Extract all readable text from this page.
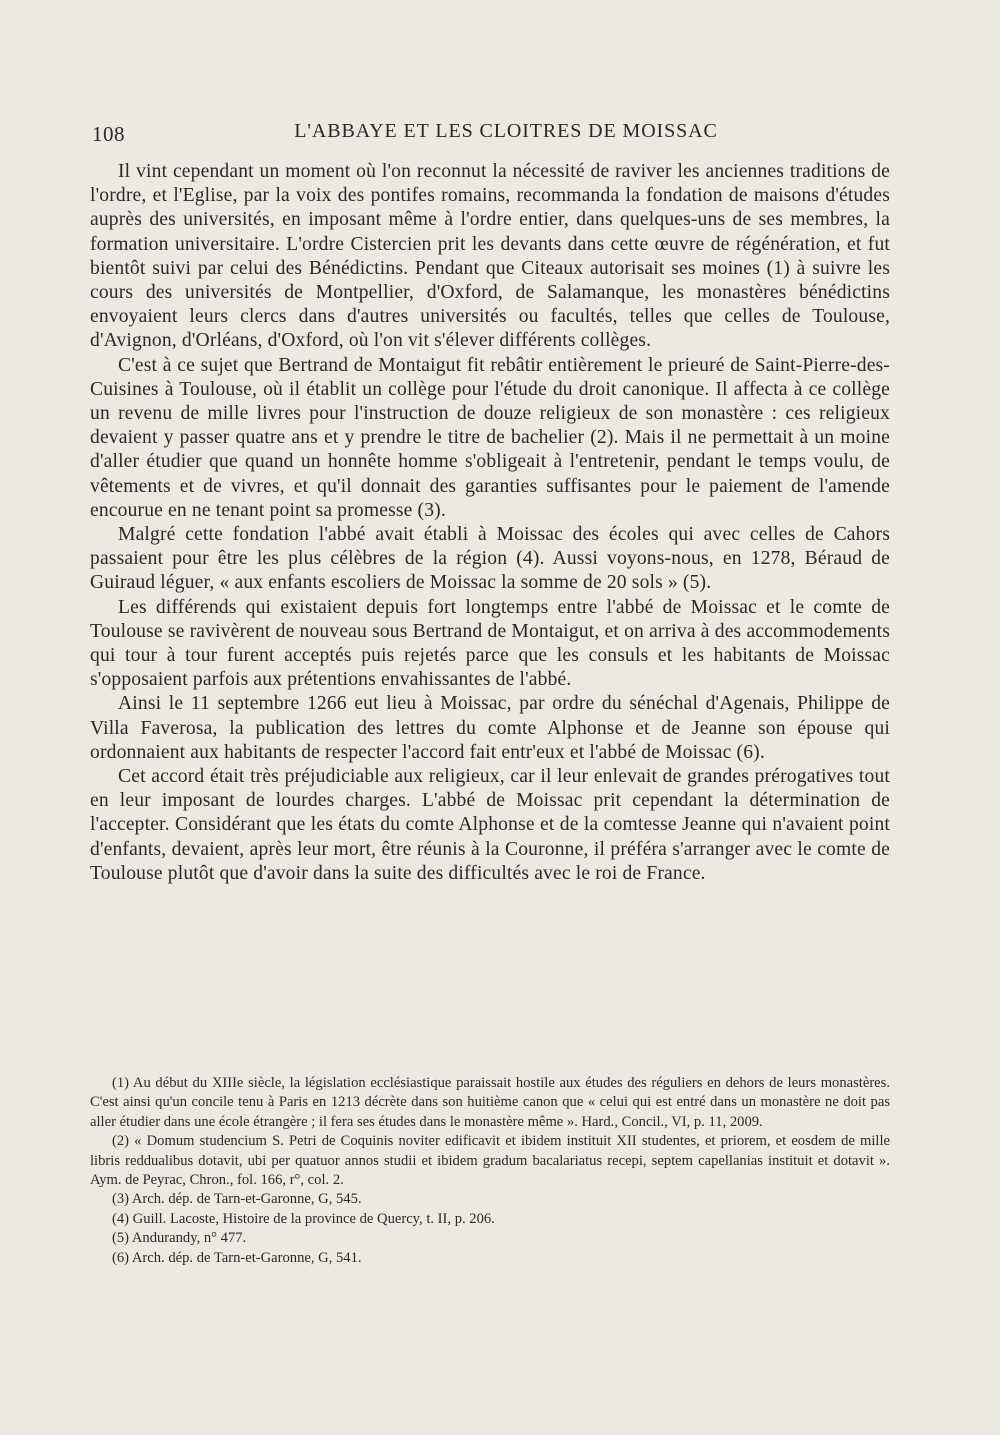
108	L'ABBAYE ET LES CLOITRES DE MOISSAC

Il vint cependant un moment où l'on reconnut la nécessité de raviver les anciennes traditions de l'ordre, et l'Eglise, par la voix des pontifes romains, recommanda la fondation de maisons d'études auprès des universités, en imposant même à l'ordre entier, dans quelques-uns de ses membres, la formation universitaire. L'ordre Cistercien prit les devants dans cette œuvre de régénération, et fut bientôt suivi par celui des Bénédictins. Pendant que Citeaux autorisait ses moines (1) à suivre les cours des universités de Montpellier, d'Oxford, de Salamanque, les monastères bénédictins envoyaient leurs clercs dans d'autres universités ou facultés, telles que celles de Toulouse, d'Avignon, d'Orléans, d'Oxford, où l'on vit s'élever différents collèges.

C'est à ce sujet que Bertrand de Montaigut fit rebâtir entièrement le prieuré de Saint-Pierre-des-Cuisines à Toulouse, où il établit un collège pour l'étude du droit canonique. Il affecta à ce collège un revenu de mille livres pour l'instruction de douze religieux de son monastère : ces religieux devaient y passer quatre ans et y prendre le titre de bachelier (2). Mais il ne permettait à un moine d'aller étudier que quand un honnête homme s'obligeait à l'entretenir, pendant le temps voulu, de vêtements et de vivres, et qu'il donnait des garanties suffisantes pour le paiement de l'amende encourue en ne tenant point sa promesse (3).

Malgré cette fondation l'abbé avait établi à Moissac des écoles qui avec celles de Cahors passaient pour être les plus célèbres de la région (4). Aussi voyons-nous, en 1278, Béraud de Guiraud léguer, « aux enfants escoliers de Moissac la somme de 20 sols » (5).

Les différends qui existaient depuis fort longtemps entre l'abbé de Moissac et le comte de Toulouse se ravivèrent de nouveau sous Bertrand de Montaigut, et on arriva à des accommodements qui tour à tour furent acceptés puis rejetés parce que les consuls et les habitants de Moissac s'opposaient parfois aux prétentions envahissantes de l'abbé.

Ainsi le 11 septembre 1266 eut lieu à Moissac, par ordre du sénéchal d'Agenais, Philippe de Villa Faverosa, la publication des lettres du comte Alphonse et de Jeanne son épouse qui ordonnaient aux habitants de respecter l'accord fait entr'eux et l'abbé de Moissac (6).

Cet accord était très préjudiciable aux religieux, car il leur enlevait de grandes prérogatives tout en leur imposant de lourdes charges. L'abbé de Moissac prit cependant la détermination de l'accepter. Considérant que les états du comte Alphonse et de la comtesse Jeanne qui n'avaient point d'enfants, devaient, après leur mort, être réunis à la Couronne, il préféra s'arranger avec le comte de Toulouse plutôt que d'avoir dans la suite des difficultés avec le roi de France.

(1) Au début du XIIIe siècle, la législation ecclésiastique paraissait hostile aux études des réguliers en dehors de leurs monastères. C'est ainsi qu'un concile tenu à Paris en 1213 décrète dans son huitième canon que « celui qui est entré dans un monastère ne doit pas aller étudier dans une école étrangère ; il fera ses études dans le monastère même ». Hard., Concil., VI, p. 11, 2009.

(2) « Domum studencium S. Petri de Coquinis noviter edificavit et ibidem instituit XII studentes, et priorem, et eosdem de mille libris reddualibus dotavit, ubi per quatuor annos studii et ibidem gradum bacalariatus recepi, septem capellanias instituit et dotavit ». Aym. de Peyrac, Chron., fol. 166, r°, col. 2.

(3) Arch. dép. de Tarn-et-Garonne, G, 545.

(4) Guill. Lacoste, Histoire de la province de Quercy, t. II, p. 206.

(5) Andurandy, n° 477.

(6) Arch. dép. de Tarn-et-Garonne, G, 541.
